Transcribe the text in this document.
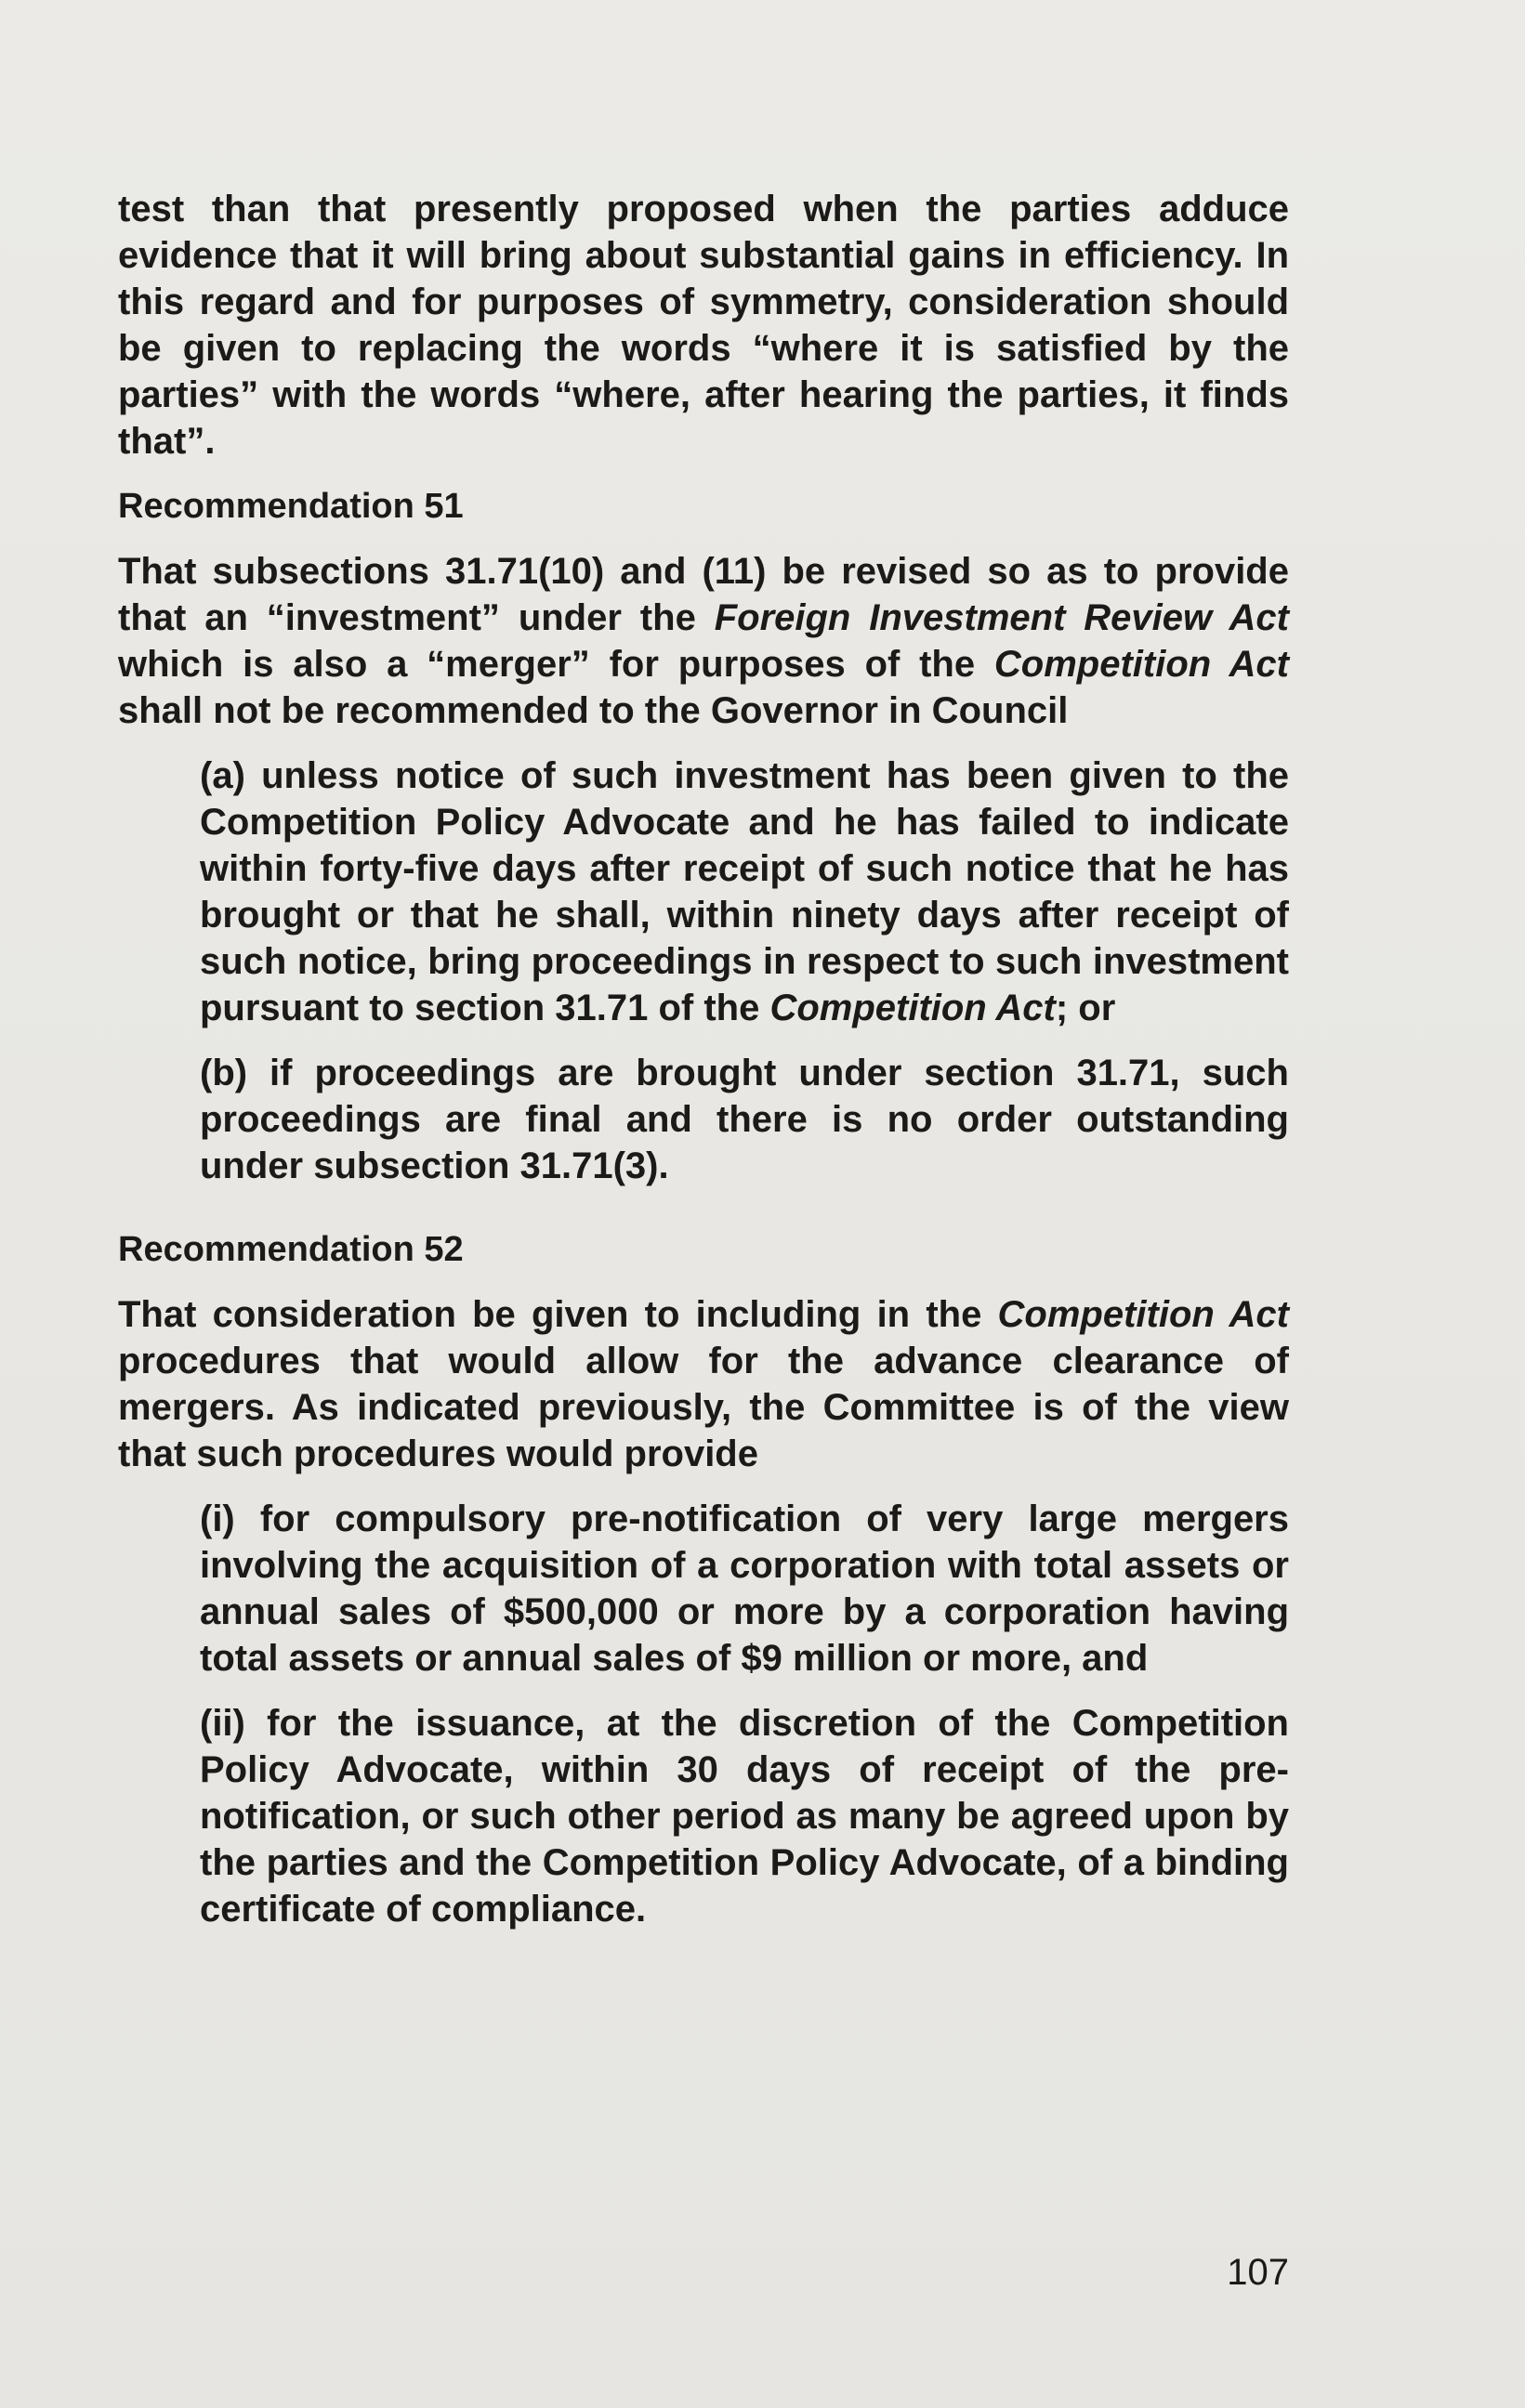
test than that presently proposed when the parties adduce evidence that it will bring about substantial gains in efficiency. In this regard and for purposes of symmetry, consideration should be given to replacing the words “where it is satisfied by the parties” with the words “where, after hearing the parties, it finds that”.

Recommendation 51

That subsections 31.71(10) and (11) be revised so as to provide that an “investment” under the Foreign Investment Review Act which is also a “merger” for purposes of the Competition Act shall not be recommended to the Governor in Council

(a) unless notice of such investment has been given to the Competition Policy Advocate and he has failed to indicate within forty-five days after receipt of such notice that he has brought or that he shall, within ninety days after receipt of such notice, bring proceedings in respect to such investment pursuant to section 31.71 of the Competition Act; or

(b) if proceedings are brought under section 31.71, such proceedings are final and there is no order outstanding under subsection 31.71(3).

Recommendation 52

That consideration be given to including in the Competition Act procedures that would allow for the advance clearance of mergers. As indicated previously, the Committee is of the view that such procedures would provide

(i) for compulsory pre-notification of very large mergers involving the acquisition of a corporation with total assets or annual sales of $500,000 or more by a corporation having total assets or annual sales of $9 million or more, and

(ii) for the issuance, at the discretion of the Competition Policy Advocate, within 30 days of receipt of the pre-notification, or such other period as many be agreed upon by the parties and the Competition Policy Advocate, of a binding certificate of compliance.

107
